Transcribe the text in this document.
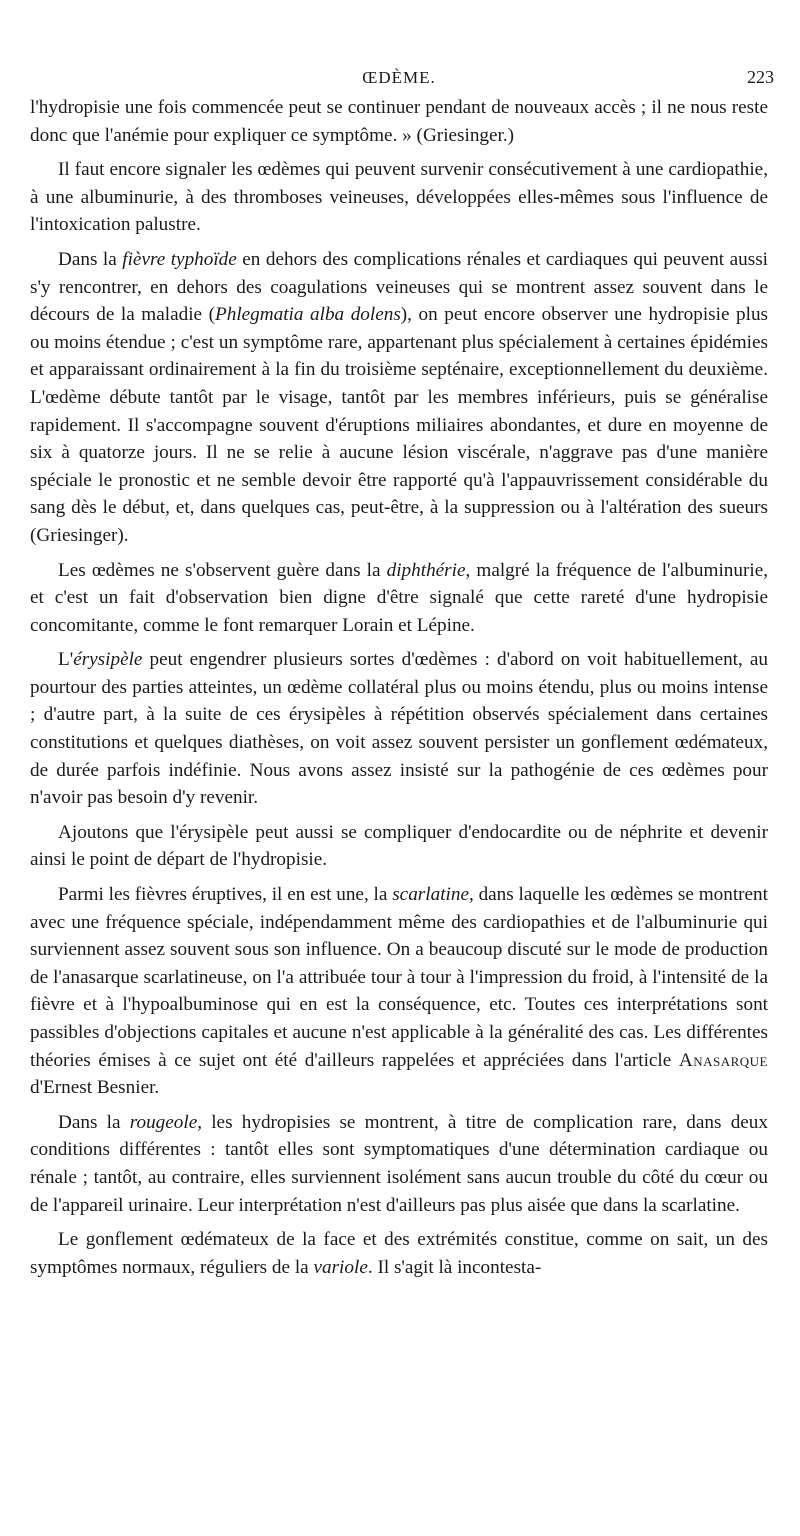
ŒDÈME.	223

l'hydropisie une fois commencée peut se continuer pendant de nouveaux accès ; il ne nous reste donc que l'anémie pour expliquer ce symptôme. » (Griesinger.)

Il faut encore signaler les œdèmes qui peuvent survenir consécutivement à une cardiopathie, à une albuminurie, à des thromboses veineuses, développées elles-mêmes sous l'influence de l'intoxication palustre.

Dans la fièvre typhoïde en dehors des complications rénales et cardiaques qui peuvent aussi s'y rencontrer, en dehors des coagulations veineuses qui se montrent assez souvent dans le décours de la maladie (Phlegmatia alba dolens), on peut encore observer une hydropisie plus ou moins étendue ; c'est un symptôme rare, appartenant plus spécialement à certaines épidémies et apparaissant ordinairement à la fin du troisième septénaire, exceptionnellement du deuxième. L'œdème débute tantôt par le visage, tantôt par les membres inférieurs, puis se généralise rapidement. Il s'accompagne souvent d'éruptions miliaires abondantes, et dure en moyenne de six à quatorze jours. Il ne se relie à aucune lésion viscérale, n'aggrave pas d'une manière spéciale le pronostic et ne semble devoir être rapporté qu'à l'appauvrissement considérable du sang dès le début, et, dans quelques cas, peut-être, à la suppression ou à l'altération des sueurs (Griesinger).

Les œdèmes ne s'observent guère dans la diphthérie, malgré la fréquence de l'albuminurie, et c'est un fait d'observation bien digne d'être signalé que cette rareté d'une hydropisie concomitante, comme le font remarquer Lorain et Lépine.

L'érysipèle peut engendrer plusieurs sortes d'œdèmes : d'abord on voit habituellement, au pourtour des parties atteintes, un œdème collatéral plus ou moins étendu, plus ou moins intense ; d'autre part, à la suite de ces érysipèles à répétition observés spécialement dans certaines constitutions et quelques diathèses, on voit assez souvent persister un gonflement œdémateux, de durée parfois indéfinie. Nous avons assez insisté sur la pathogénie de ces œdèmes pour n'avoir pas besoin d'y revenir.

Ajoutons que l'érysipèle peut aussi se compliquer d'endocardite ou de néphrite et devenir ainsi le point de départ de l'hydropisie.

Parmi les fièvres éruptives, il en est une, la scarlatine, dans laquelle les œdèmes se montrent avec une fréquence spéciale, indépendamment même des cardiopathies et de l'albuminurie qui surviennent assez souvent sous son influence. On a beaucoup discuté sur le mode de production de l'anasarque scarlatineuse, on l'a attribuée tour à tour à l'impression du froid, à l'intensité de la fièvre et à l'hypoalbuminose qui en est la conséquence, etc. Toutes ces interprétations sont passibles d'objections capitales et aucune n'est applicable à la généralité des cas. Les différentes théories émises à ce sujet ont été d'ailleurs rappelées et appréciées dans l'article Anasarque d'Ernest Besnier.

Dans la rougeole, les hydropisies se montrent, à titre de complication rare, dans deux conditions différentes : tantôt elles sont symptomatiques d'une détermination cardiaque ou rénale ; tantôt, au contraire, elles surviennent isolément sans aucun trouble du côté du cœur ou de l'appareil urinaire. Leur interprétation n'est d'ailleurs pas plus aisée que dans la scarlatine.

Le gonflement œdémateux de la face et des extrémités constitue, comme on sait, un des symptômes normaux, réguliers de la variole. Il s'agit là incontesta-
